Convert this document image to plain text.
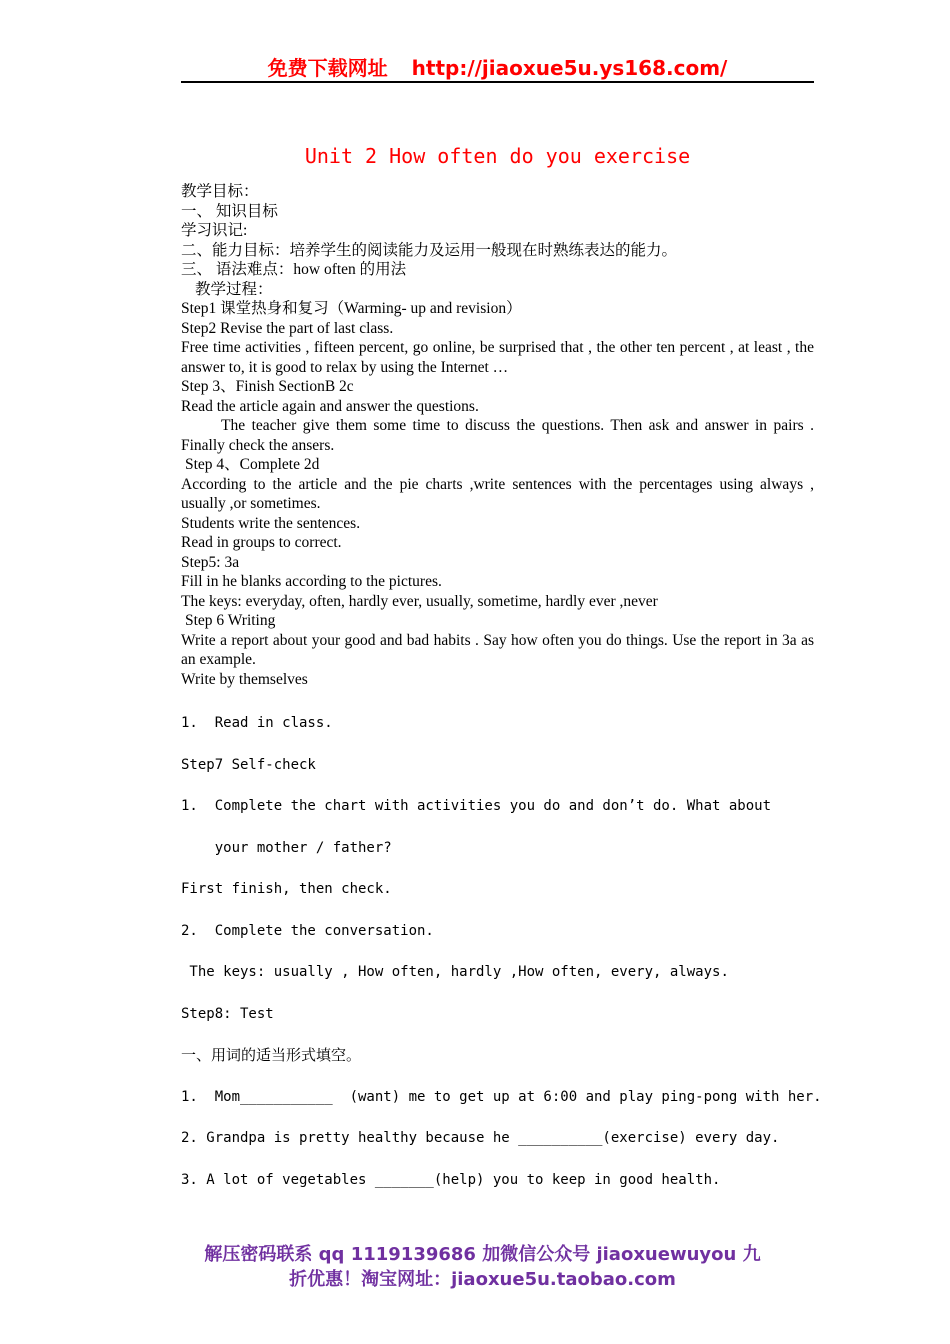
免费下载网址 http://jiaoxue5u.ys168.com/
Unit 2 How often do you exercise

教学目标：

一、 知识目标

学习识记:

二、能力目标：培养学生的阅读能力及运用一般现在时熟练表达的能力。

三、 语法难点：how often 的用法

教学过程：

Step1 课堂热身和复习（Warming- up and revision）

Step2 Revise the part of last class.

Free time activities , fifteen percent, go online, be surprised that , the other ten percent , at least , the answer to, it is good to relax by using the Internet …

Step 3、Finish SectionB 2c

Read the article again and answer the questions.

The teacher give them some time to discuss the questions. Then ask and answer in pairs . Finally check the ansers.

Step 4、Complete 2d

According to the article and the pie charts ,write sentences with the percentages using always , usually ,or sometimes.

Students write the sentences.

Read in groups to correct.

Step5: 3a

Fill in he blanks according to the pictures.

The keys: everyday, often, hardly ever, usually, sometime, hardly ever ,never

Step 6 Writing

Write a report about your good and bad habits . Say how often you do things. Use the report in 3a as an example.

Write by themselves

1.  Read in class.
Step7 Self-check
1.  Complete the chart with activities you do and don’t do. What about
your mother / father?
First finish, then check.
2.  Complete the conversation.
The keys: usually , How often, hardly ,How often, every, always.
Step8: Test
一、用词的适当形式填空。
1.  Mom___________  (want) me to get up at 6:00 and play ping-pong with her.
2. Grandpa is pretty healthy because he __________(exercise) every day.
3. A lot of vegetables _______(help) you to keep in good health.
解压密码联系 qq 1119139686 加微信公众号 jiaoxuewuyou 九
折优惠！淘宝网址：jiaoxue5u.taobao.com
